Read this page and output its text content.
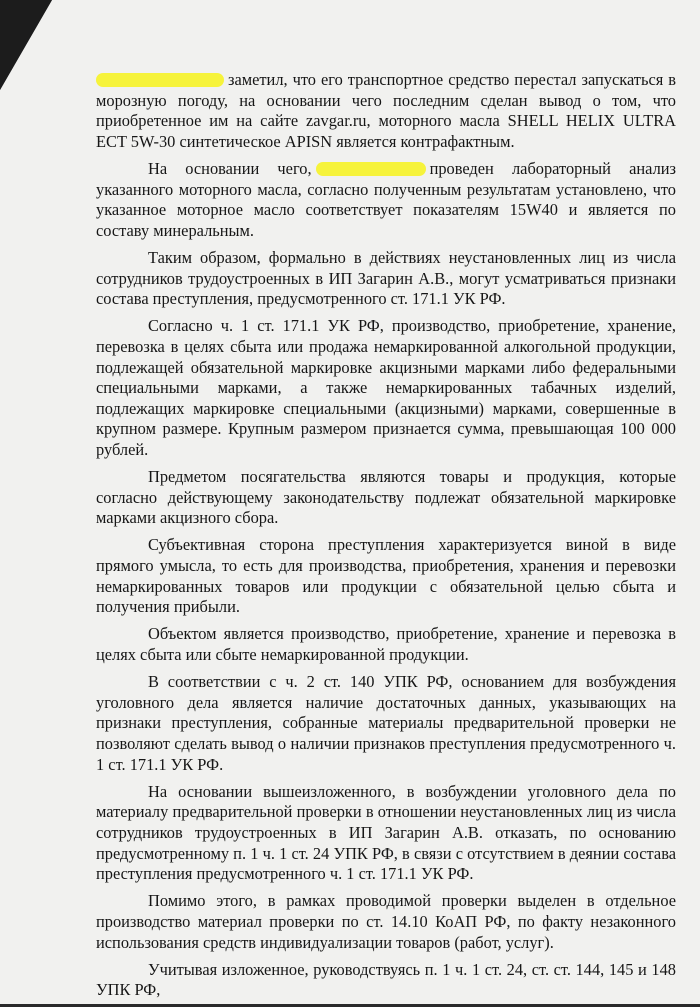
заметил, что его транспортное средство перестал запускаться в морозную погоду, на основании чего последним сделан вывод о том, что приобретенное им на сайте zavgar.ru, моторного масла SHELL HELIX ULTRA ECT 5W-30 синтетическое APISN является контрафактным.

На основании чего,	проведен лабораторный анализ указанного моторного масла, согласно полученным результатам установлено, что указанное моторное масло соответствует показателям 15W40 и является по составу минеральным.

Таким образом, формально в действиях неустановленных лиц из числа сотрудников трудоустроенных в ИП Загарин А.В., могут усматриваться признаки состава преступления, предусмотренного ст. 171.1 УК РФ.

Согласно ч. 1 ст. 171.1 УК РФ, производство, приобретение, хранение, перевозка в целях сбыта или продажа немаркированной алкогольной продукции, подлежащей обязательной маркировке акцизными марками либо федеральными специальными марками, а также немаркированных табачных изделий, подлежащих маркировке специальными (акцизными) марками, совершенные в крупном размере. Крупным размером признается сумма, превышающая 100 000 рублей.

Предметом посягательства являются товары и продукция, которые согласно действующему законодательству подлежат обязательной маркировке марками акцизного сбора.

Субъективная сторона преступления характеризуется виной в виде прямого умысла, то есть для производства, приобретения, хранения и перевозки немаркированных товаров или продукции с обязательной целью сбыта и получения прибыли.

Объектом является производство, приобретение, хранение и перевозка в целях сбыта или сбыте немаркированной продукции.

В соответствии с ч. 2 ст. 140 УПК РФ, основанием для возбуждения уголовного дела является наличие достаточных данных, указывающих на признаки преступления, собранные материалы предварительной проверки не позволяют сделать вывод о наличии признаков преступления предусмотренного ч. 1 ст. 171.1 УК РФ.

На основании вышеизложенного, в возбуждении уголовного дела по материалу предварительной проверки в отношении неустановленных лиц из числа сотрудников трудоустроенных в ИП Загарин А.В. отказать, по основанию предусмотренному п. 1 ч. 1 ст. 24 УПК РФ, в связи с отсутствием в деянии состава преступления предусмотренного ч. 1 ст. 171.1 УК РФ.

Помимо этого, в рамках проводимой проверки выделен в отдельное производство материал проверки по ст. 14.10 КоАП РФ, по факту незаконного использования средств индивидуализации товаров (работ, услуг).

Учитывая изложенное, руководствуясь п. 1 ч. 1 ст. 24, ст. ст. 144, 145 и 148 УПК РФ,
